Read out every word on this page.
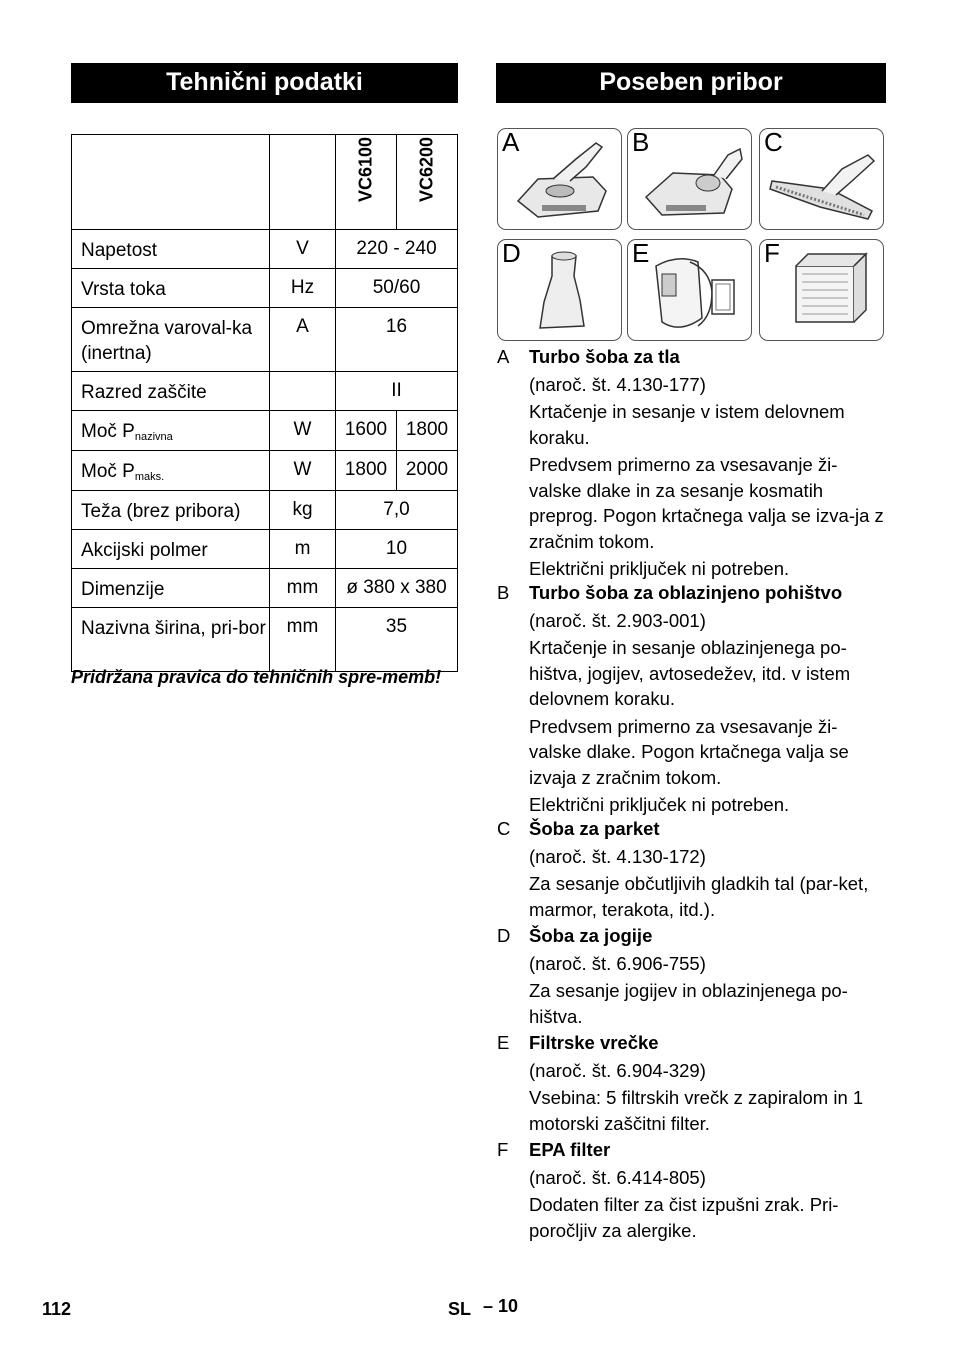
Tehnični podatki

		VC6100	VC6200

Napetost	V	220 - 240	
Vrsta toka	Hz	50/60	
Omrežna varoval-ka (inertna)	A	16	
Razred zaščite		II	
Moč $P_{nazivna}$	W	1600	1800
Moč $P_{maks.}$	W	1800	2000
Teža (brez pribora)	kg	7,0	
Akcijski polmer	m	10	
Dimenzije	mm	ø 380 x 380	
Nazivna širina, pri-bor	mm	35	
Pridržana pravica do tehničnih spre-memb!
Poseben pribor
A	B	C
D	E	F
A	Turbo šoba za tla

(naroč. št. 4.130-177)

Krtačenje in sesanje v istem delovnem koraku.

Predvsem primerno za vsesavanje ži-valske dlake in za sesanje kosmatih preprog. Pogon krtačnega valja se izva-ja z zračnim tokom.

Električni priključek ni potreben.

B	Turbo šoba za oblazinjeno pohištvo

(naroč. št. 2.903-001)

Krtačenje in sesanje oblazinjenega po-hištva, jogijev, avtosedežev, itd. v istem delovnem koraku.

Predvsem primerno za vsesavanje ži-valske dlake. Pogon krtačnega valja se izvaja z zračnim tokom.

Električni priključek ni potreben.

C	Šoba za parket

(naroč. št. 4.130-172)

Za sesanje občutljivih gladkih tal (par-ket, marmor, terakota, itd.).

D	Šoba za jogije

(naroč. št. 6.906-755)

Za sesanje jogijev in oblazinjenega po-hištva.

E	Filtrske vrečke

(naroč. št. 6.904-329)

Vsebina: 5 filtrskih vrečk z zapiralom in 1 motorski zaščitni filter.

F	EPA filter

(naroč. št. 6.414-805)

Dodaten filter za čist izpušni zrak. Pri-poročljiv za alergike.

112	SL – 10
